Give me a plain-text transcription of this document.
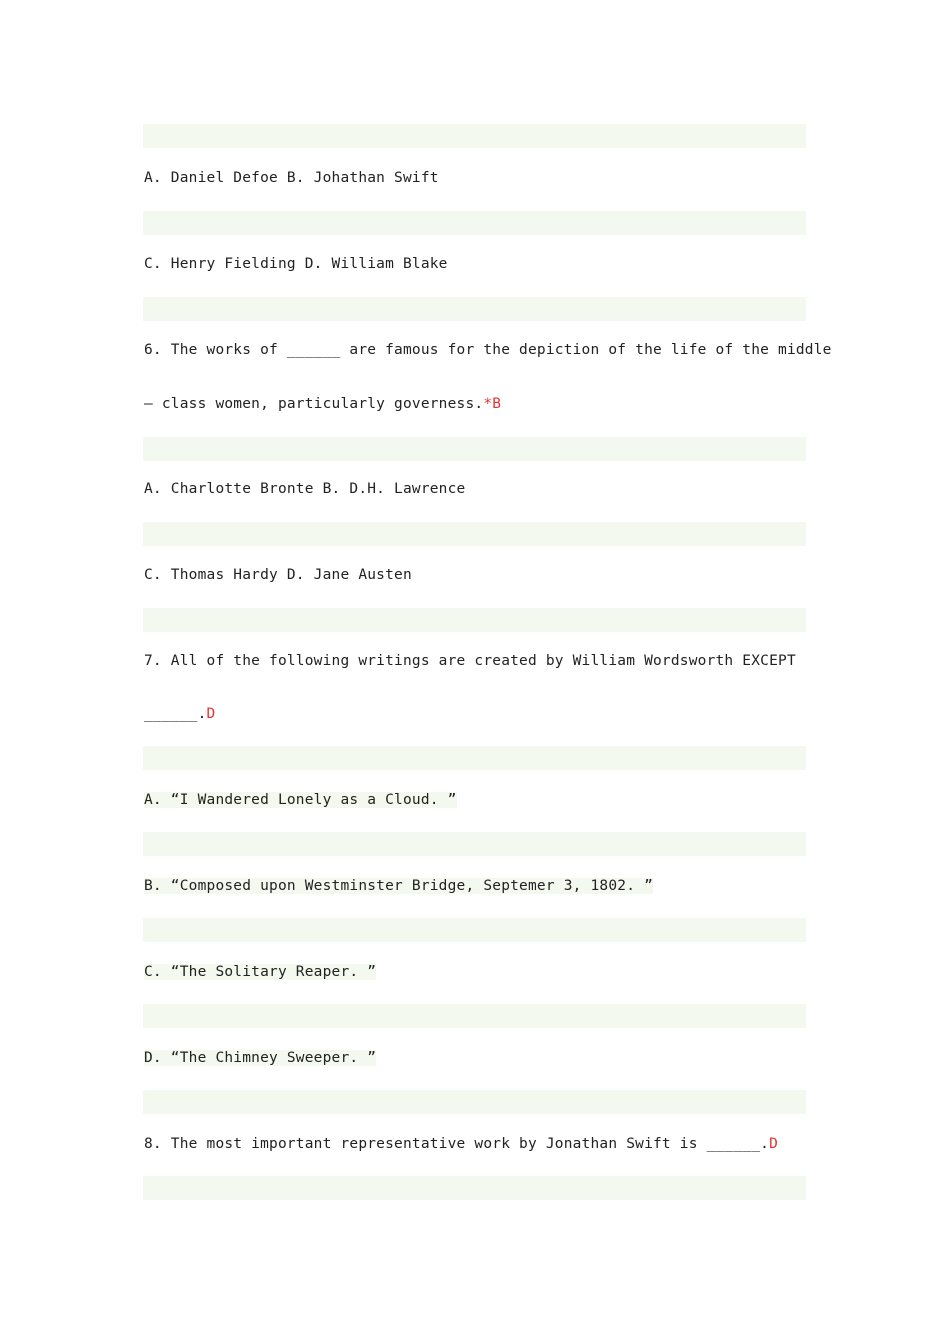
A. Daniel Defoe B. Johathan Swift
C. Henry Fielding D. William Blake
6. The works of ______ are famous for the depiction of the life of the middle
— class women, particularly governess.*B
A. Charlotte Bronte B. D.H. Lawrence
C. Thomas Hardy D. Jane Austen
7. All of the following writings are created by William Wordsworth EXCEPT
______.D
A. “I Wandered Lonely as a Cloud. ”
B. “Composed upon Westminster Bridge, Septemer 3, 1802. ”
C. “The Solitary Reaper. ”
D. “The Chimney Sweeper. ”
8. The most important representative work by Jonathan Swift is ______.D
